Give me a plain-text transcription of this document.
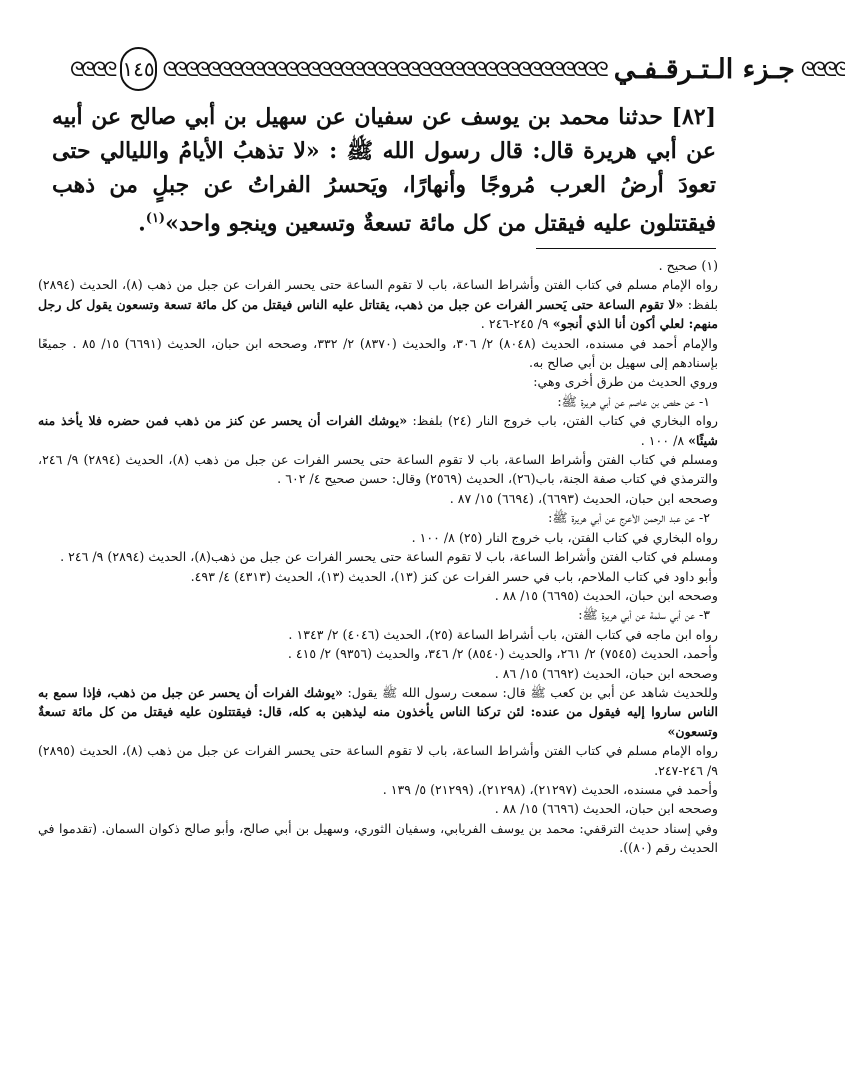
ᘓᘓᘓᘓ ١٤٥ ᘓᘓᘓᘓᘓᘓᘓᘓᘓᘓᘓᘓᘓᘓᘓᘓᘓᘓᘓᘓᘓᘓᘓᘓᘓᘓᘓᘓᘓᘓᘓᘓᘓᘓᘓᘓᘓᘓᘓᘓ جـزء الـتـرقـفـي ᘓᘓᘓᘓ
[٨٢] حدثنا محمد بن يوسف عن سفيان عن سهيل بن أبي صالح عن أبيه عن أبي هريرة قال: قال رسول الله ﷺ : «لا تذهبُ الأيامُ والليالي حتى تعودَ أرضُ العرب مُروجًا وأنهارًا، ويَحسرُ الفراتُ عن جبلٍ من ذهب فيقتتلون عليه فيقتل من كل مائة تسعةٌ وتسعين وينجو واحد»$^{(١)}$.

(١) صحيح .

رواه الإمام مسلم في كتاب الفتن وأشراط الساعة، باب لا تقوم الساعة حتى يحسر الفرات عن جبل من ذهب (٨)، الحديث (٢٨٩٤) بلفظ: «لا تقوم الساعة حتى يَحسر الفرات عن جبل من ذهب، يقتاتل عليه الناس فيقتل من كل مائة تسعة وتسعون يقول كل رجل منهم: لعلي أكون أنا الذي أنجو» ٩/ ٢٤٥-٢٤٦ .

والإمام أحمد في مسنده، الحديث (٨٠٤٨) ٢/ ٣٠٦، والحديث (٨٣٧٠) ٢/ ٣٣٢، وصححه ابن حبان، الحديث (٦٦٩١) ١٥/ ٨٥ . جميعًا بإسنادهم إلى سهيل بن أبي صالح به.

وروي الحديث من طرق أخرى وهي:

١- عن حفص بن عاصم عن أبي هريرة ﷺ:

رواه البخاري في كتاب الفتن، باب خروج النار (٢٤) بلفظ: «يوشك الفرات أن يحسر عن كنز من ذهب فمن حضره فلا يأخذ منه شيئًا» ٨/ ١٠٠ .

ومسلم في كتاب الفتن وأشراط الساعة، باب لا تقوم الساعة حتى يحسر الفرات عن جبل من ذهب (٨)، الحديث (٢٨٩٤) ٩/ ٢٤٦، والترمذي في كتاب صفة الجنة، باب(٢٦)، الحديث (٢٥٦٩) وقال: حسن صحيح ٤/ ٦٠٢ .

وصححه ابن حبان، الحديث (٦٦٩٣)، (٦٦٩٤) ١٥/ ٨٧ .

٢- عن عبد الرحمن الأعرج عن أبي هريرة ﷺ:

رواه البخاري في كتاب الفتن، باب خروج النار (٢٥) ٨/ ١٠٠ .

ومسلم في كتاب الفتن وأشراط الساعة، باب لا تقوم الساعة حتى يحسر الفرات عن جبل من ذهب(٨)، الحديث (٢٨٩٤) ٩/ ٢٤٦ .

وأبو داود في كتاب الملاحم، باب في حسر الفرات عن كنز (١٣)، الحديث (١٣)، الحديث (٤٣١٣) ٤/ ٤٩٣.

وصححه ابن حبان، الحديث (٦٦٩٥) ١٥/ ٨٨ .

٣- عن أبي سلمة عن أبي هريرة ﷺ:

رواه ابن ماجه في كتاب الفتن، باب أشراط الساعة (٢٥)، الحديث (٤٠٤٦) ٢/ ١٣٤٣ .

وأحمد، الحديث (٧٥٤٥) ٢/ ٢٦١، والحديث (٨٥٤٠) ٢/ ٣٤٦، والحديث (٩٣٥٦) ٢/ ٤١٥ .

وصححه ابن حبان، الحديث (٦٦٩٢) ١٥/ ٨٦ .

وللحديث شاهد عن أبي بن كعب ﷺ قال: سمعت رسول الله ﷺ يقول: «يوشك الفرات أن يحسر عن جبل من ذهب، فإذا سمع به الناس ساروا إليه فيقول من عنده: لئن تركنا الناس يأخذون منه ليذهبن به كله، قال: فيقتتلون عليه فيقتل من كل مائة تسعةٌ وتسعون»

رواه الإمام مسلم في كتاب الفتن وأشراط الساعة، باب لا تقوم الساعة حتى يحسر الفرات عن جبل من ذهب (٨)، الحديث (٢٨٩٥) ٩/ ٢٤٦-٢٤٧.

وأحمد في مسنده، الحديث (٢١٢٩٧)، (٢١٢٩٨)، (٢١٢٩٩) ٥/ ١٣٩ .

وصححه ابن حبان، الحديث (٦٦٩٦) ١٥/ ٨٨ .

وفي إسناد حديث الترقفي: محمد بن يوسف الفريابي، وسفيان الثوري، وسهيل بن أبي صالح، وأبو صالح ذكوان السمان. (تقدموا في الحديث رقم (٨٠)).
